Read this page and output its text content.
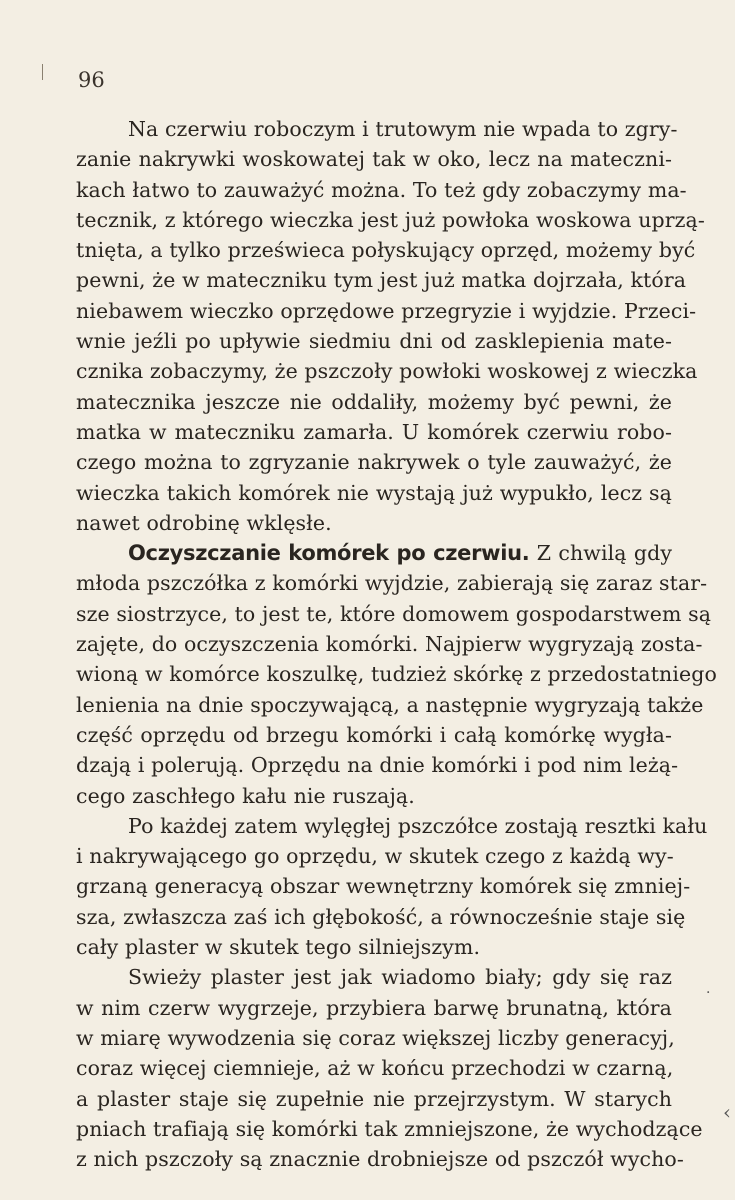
96
Na czerwiu roboczym i trutowym nie wpada to zgry-
zanie nakrywki woskowatej tak w oko, lecz na mateczni-
kach łatwo to zauważyć można. To też gdy zobaczymy ma-
tecznik, z którego wieczka jest już powłoka woskowa uprzą-
tnięta, a tylko prześwieca połyskujący oprzęd, możemy być
pewni, że w mateczniku tym jest już matka dojrzała, która
niebawem wieczko oprzędowe przegryzie i wyjdzie. Przeci-
wnie jeźli po upływie siedmiu dni od zasklepienia mate-
cznika zobaczymy, że pszczoły powłoki woskowej z wieczka
matecznika jeszcze nie oddaliły, możemy być pewni, że
matka w mateczniku zamarła. U komórek czerwiu robo-
czego można to zgryzanie nakrywek o tyle zauważyć, że
wieczka takich komórek nie wystają już wypukło, lecz są
nawet odrobinę wklęsłe.
Oczyszczanie komórek po czerwiu. Z chwilą gdy
młoda pszczółka z komórki wyjdzie, zabierają się zaraz star-
sze siostrzyce, to jest te, które domowem gospodarstwem są
zajęte, do oczyszczenia komórki. Najpierw wygryzają zosta-
wioną w komórce koszulkę, tudzież skórkę z przedostatniego
lenienia na dnie spoczywającą, a następnie wygryzają także
część oprzędu od brzegu komórki i całą komórkę wygła-
dzają i polerują. Oprzędu na dnie komórki i pod nim leżą-
cego zaschłego kału nie ruszają.
Po każdej zatem wylęgłej pszczółce zostają resztki kału
i nakrywającego go oprzędu, w skutek czego z każdą wy-
grzaną generacyą obszar wewnętrzny komórek się zmniej-
sza, zwłaszcza zaś ich głębokość, a równocześnie staje się
cały plaster w skutek tego silniejszym.
Swieży plaster jest jak wiadomo biały; gdy się raz
w nim czerw wygrzeje, przybiera barwę brunatną, która
w miarę wywodzenia się coraz większej liczby generacyj,
coraz więcej ciemnieje, aż w końcu przechodzi w czarną,
a plaster staje się zupełnie nie przejrzystym. W starych
pniach trafiają się komórki tak zmniejszone, że wychodzące
z nich pszczoły są znacznie drobniejsze od pszczół wycho-
·
‹
